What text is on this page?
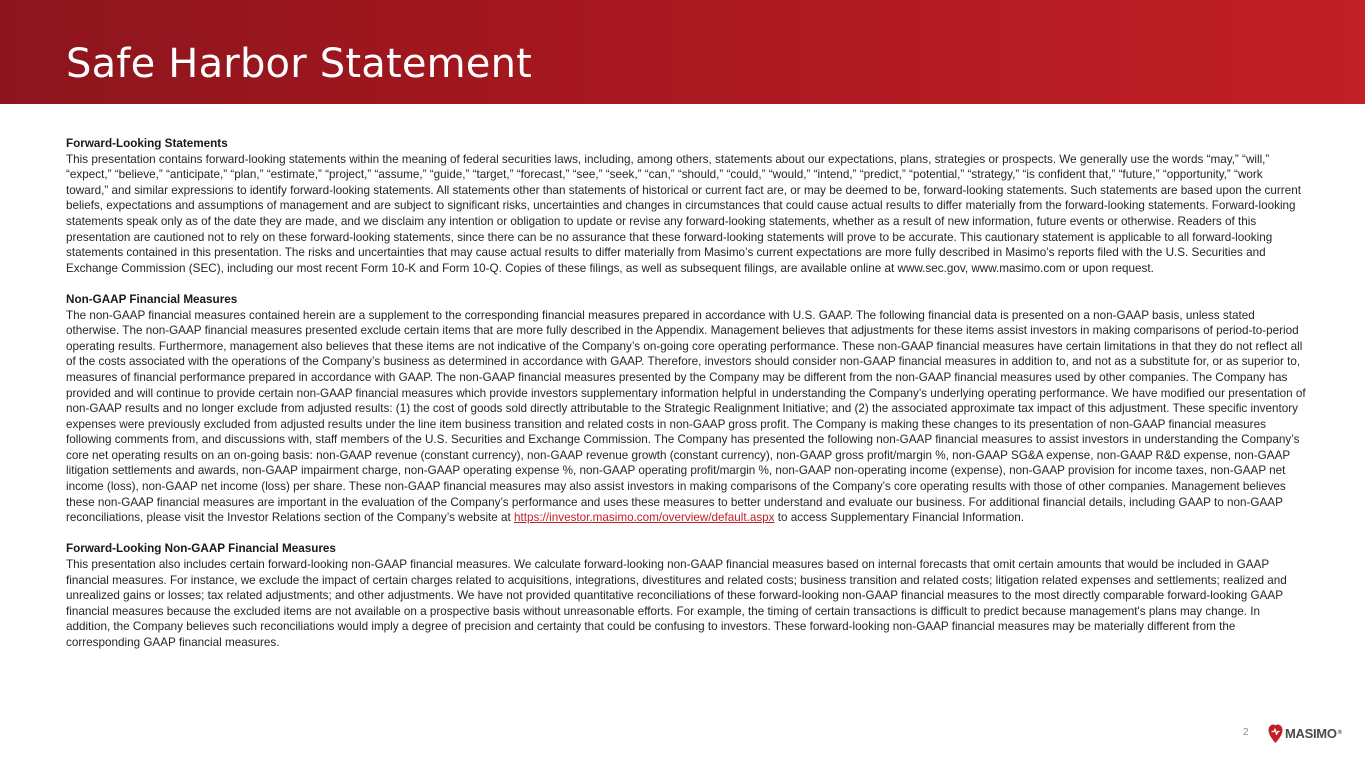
Safe Harbor Statement
Forward-Looking Statements

This presentation contains forward-looking statements within the meaning of federal securities laws, including, among others, statements about our expectations, plans, strategies or prospects. We generally use the words “may,” “will,” “expect,” “believe,” “anticipate,” “plan,” “estimate,” “project,” “assume,” “guide,” “target,” “forecast,” “see,” “seek,” “can,” “should,” “could,” “would,” “intend,” “predict,” “potential,” “strategy,” “is confident that,” “future,” “opportunity,” “work toward,” and similar expressions to identify forward-looking statements. All statements other than statements of historical or current fact are, or may be deemed to be, forward-looking statements. Such statements are based upon the current beliefs, expectations and assumptions of management and are subject to significant risks, uncertainties and changes in circumstances that could cause actual results to differ materially from the forward-looking statements. Forward-looking statements speak only as of the date they are made, and we disclaim any intention or obligation to update or revise any forward-looking statements, whether as a result of new information, future events or otherwise. Readers of this presentation are cautioned not to rely on these forward-looking statements, since there can be no assurance that these forward-looking statements will prove to be accurate. This cautionary statement is applicable to all forward-looking statements contained in this presentation. The risks and uncertainties that may cause actual results to differ materially from Masimo’s current expectations are more fully described in Masimo’s reports filed with the U.S. Securities and Exchange Commission (SEC), including our most recent Form 10-K and Form 10-Q. Copies of these filings, as well as subsequent filings, are available online at www.sec.gov, www.masimo.com or upon request.

Non-GAAP Financial Measures

The non-GAAP financial measures contained herein are a supplement to the corresponding financial measures prepared in accordance with U.S. GAAP. The following financial data is presented on a non-GAAP basis, unless stated otherwise. The non-GAAP financial measures presented exclude certain items that are more fully described in the Appendix. Management believes that adjustments for these items assist investors in making comparisons of period-to-period operating results. Furthermore, management also believes that these items are not indicative of the Company’s on-going core operating performance. These non-GAAP financial measures have certain limitations in that they do not reflect all of the costs associated with the operations of the Company’s business as determined in accordance with GAAP. Therefore, investors should consider non-GAAP financial measures in addition to, and not as a substitute for, or as superior to, measures of financial performance prepared in accordance with GAAP. The non-GAAP financial measures presented by the Company may be different from the non-GAAP financial measures used by other companies. The Company has provided and will continue to provide certain non-GAAP financial measures which provide investors supplementary information helpful in understanding the Company’s underlying operating performance. We have modified our presentation of non-GAAP results and no longer exclude from adjusted results: (1) the cost of goods sold directly attributable to the Strategic Realignment Initiative; and (2) the associated approximate tax impact of this adjustment. These specific inventory expenses were previously excluded from adjusted results under the line item business transition and related costs in non-GAAP gross profit. The Company is making these changes to its presentation of non-GAAP financial measures following comments from, and discussions with, staff members of the U.S. Securities and Exchange Commission. The Company has presented the following non-GAAP financial measures to assist investors in understanding the Company’s core net operating results on an on-going basis: non-GAAP revenue (constant currency), non-GAAP revenue growth (constant currency), non-GAAP gross profit/margin %, non-GAAP SG&A expense, non-GAAP R&D expense, non-GAAP litigation settlements and awards, non-GAAP impairment charge, non-GAAP operating expense %, non-GAAP operating profit/margin %, non-GAAP non-operating income (expense), non-GAAP provision for income taxes, non-GAAP net income (loss), non-GAAP net income (loss) per share. These non-GAAP financial measures may also assist investors in making comparisons of the Company’s core operating results with those of other companies. Management believes these non-GAAP financial measures are important in the evaluation of the Company’s performance and uses these measures to better understand and evaluate our business. For additional financial details, including GAAP to non-GAAP reconciliations, please visit the Investor Relations section of the Company’s website at https://investor.masimo.com/overview/default.aspx to access Supplementary Financial Information.

Forward-Looking Non-GAAP Financial Measures

This presentation also includes certain forward-looking non-GAAP financial measures. We calculate forward-looking non-GAAP financial measures based on internal forecasts that omit certain amounts that would be included in GAAP financial measures. For instance, we exclude the impact of certain charges related to acquisitions, integrations, divestitures and related costs; business transition and related costs; litigation related expenses and settlements; realized and unrealized gains or losses; tax related adjustments; and other adjustments. We have not provided quantitative reconciliations of these forward-looking non-GAAP financial measures to the most directly comparable forward-looking GAAP financial measures because the excluded items are not available on a prospective basis without unreasonable efforts. For example, the timing of certain transactions is difficult to predict because management's plans may change. In addition, the Company believes such reconciliations would imply a degree of precision and certainty that could be confusing to investors. These forward-looking non-GAAP financial measures may be materially different from the corresponding GAAP financial measures.

2	MASIMO ®
